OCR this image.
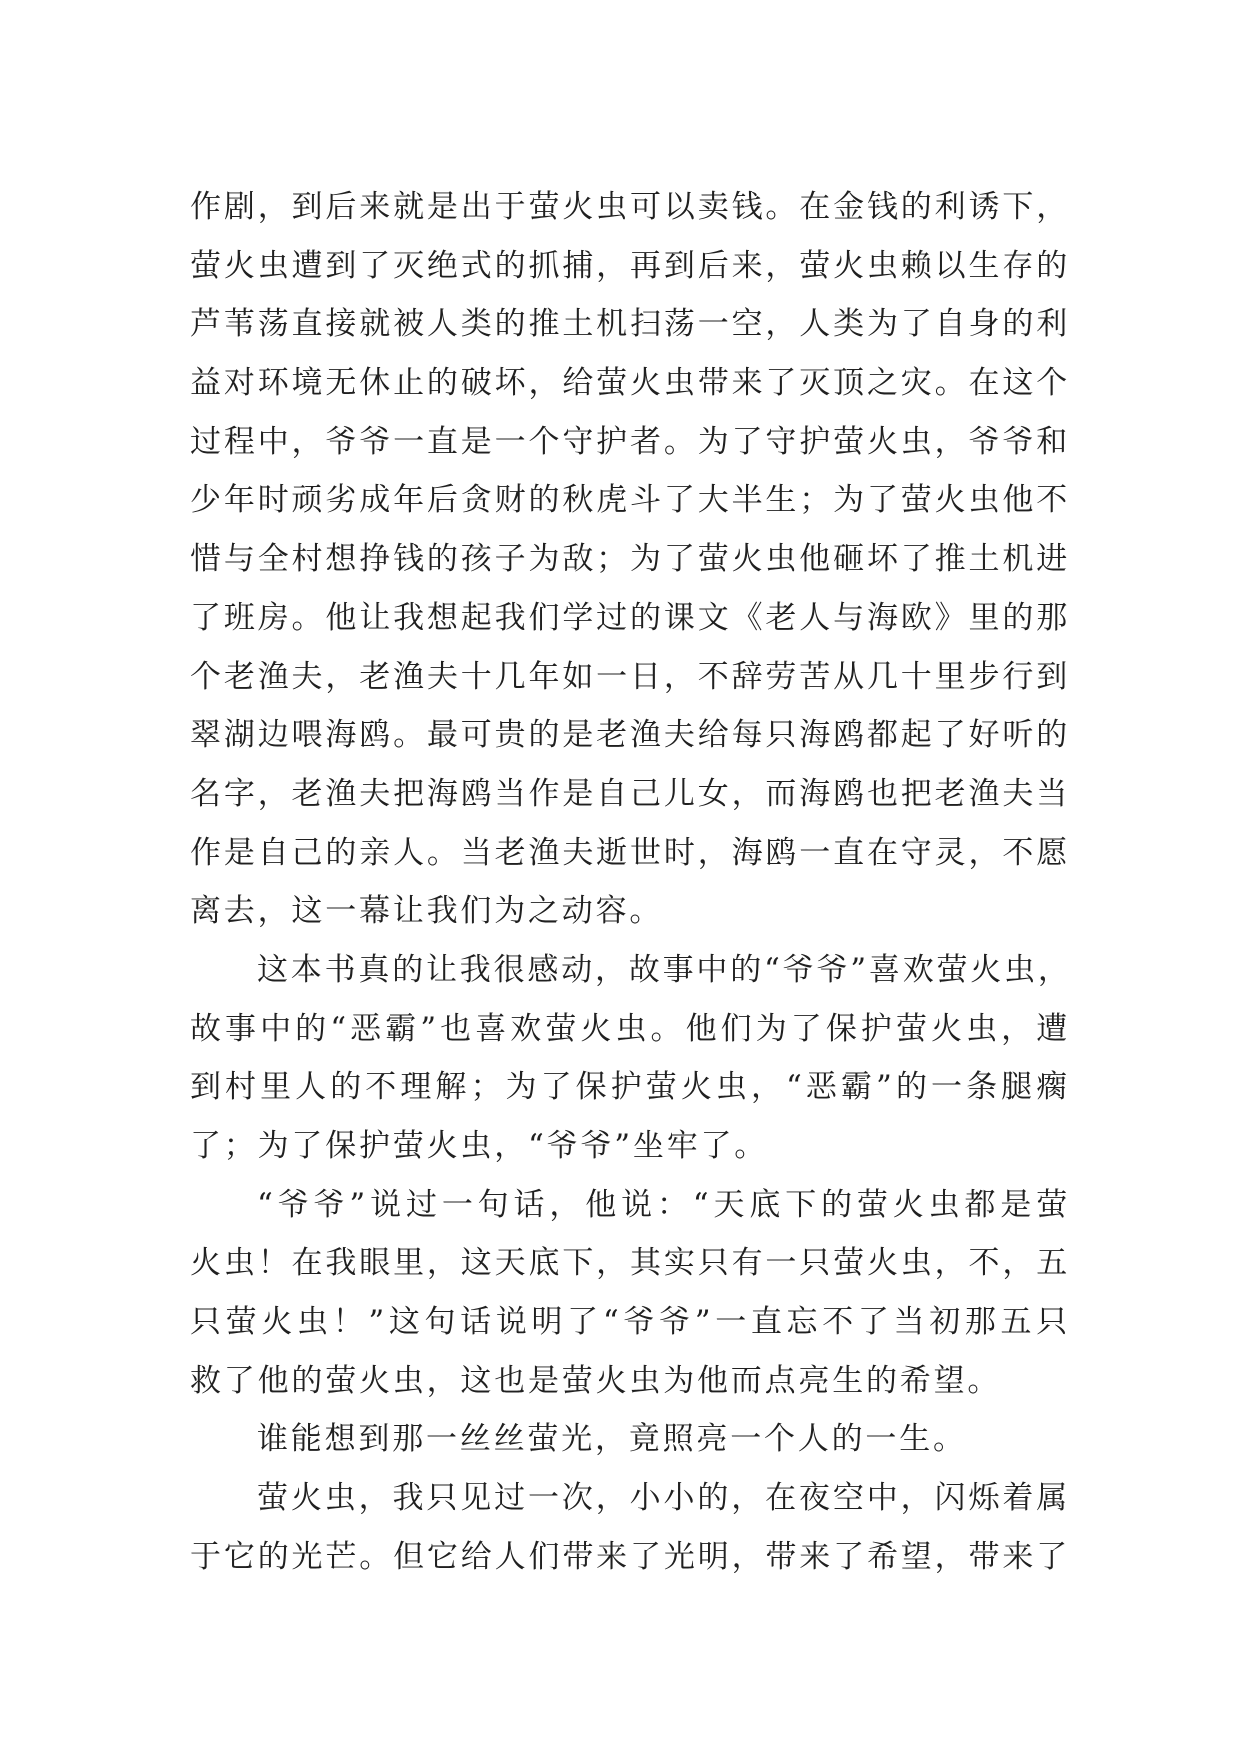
作剧，到后来就是出于萤火虫可以卖钱。在金钱的利诱下，
萤火虫遭到了灭绝式的抓捕，再到后来，萤火虫赖以生存的
芦苇荡直接就被人类的推土机扫荡一空，人类为了自身的利
益对环境无休止的破坏，给萤火虫带来了灭顶之灾。在这个
过程中，爷爷一直是一个守护者。为了守护萤火虫，爷爷和
少年时顽劣成年后贪财的秋虎斗了大半生；为了萤火虫他不
惜与全村想挣钱的孩子为敌；为了萤火虫他砸坏了推土机进
了班房。他让我想起我们学过的课文《老人与海欧》里的那
个老渔夫，老渔夫十几年如一日，不辞劳苦从几十里步行到
翠湖边喂海鸥。最可贵的是老渔夫给每只海鸥都起了好听的
名字，老渔夫把海鸥当作是自己儿女，而海鸥也把老渔夫当
作是自己的亲人。当老渔夫逝世时，海鸥一直在守灵，不愿
离去，这一幕让我们为之动容。
这本书真的让我很感动，故事中的“爷爷”喜欢萤火虫，
故事中的“恶霸”也喜欢萤火虫。他们为了保护萤火虫，遭
到村里人的不理解；为了保护萤火虫，“恶霸”的一条腿瘸
了；为了保护萤火虫，“爷爷”坐牢了。
“爷爷”说过一句话，他说：“天底下的萤火虫都是萤
火虫！在我眼里，这天底下，其实只有一只萤火虫，不，五
只萤火虫！”这句话说明了“爷爷”一直忘不了当初那五只
救了他的萤火虫，这也是萤火虫为他而点亮生的希望。
谁能想到那一丝丝萤光，竟照亮一个人的一生。
萤火虫，我只见过一次，小小的，在夜空中，闪烁着属
于它的光芒。但它给人们带来了光明，带来了希望，带来了
